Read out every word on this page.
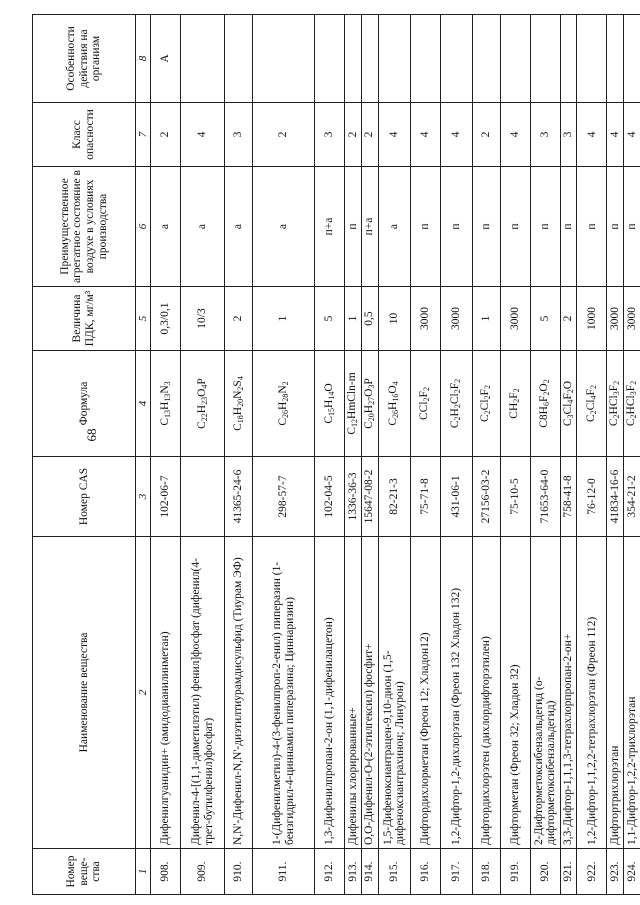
68
Номер веще-ства	Наименование вещества	Номер CAS	Формула	Величина ПДК, мг/м³	Преимущественное агрегатное состояние в воздухе в условиях производства	Класс опасности	Особенности действия на организм
1	2	3	4	5	6	7	8
908.	Дифенилгуанидин+ (амидодианилинметан)	102-06-7	$C_{13}H_{13}N_3$	0,3/0,1	а	2	А
909.	Дифенил-4-[(1,1-диметилэтил) фенил]фосфат (дифенил(4-трет-бутилфенил)фосфат)		$C_{22}H_{23}O_4P$	10/3	а	4	
910.	N,N'-Дифенил-N,N'-диэтилтиурамдисульфид (Тиурам ЭФ)	41365-24-6	$C_{18}H_{20}N_2S_4$	2	а	3	
911.	1-(Дифенилметил)-4-(3-фенилпроп-2-енил) пиперазин (1-бензгидрил-4-циннамил пиперазина; Циннаризин)	298-57-7	$C_{26}H_{28}N_2$	1	а	2	
912.	1,3-Дифенилпропан-2-он (1,1-дифенилацетон)	102-04-5	$C_{15}H_{14}O$	5	п+а	3	
913.	Дифенилы хлорированные+	1336-36-3	$C_{12}HmCln-m$	1	п	2	
914.	O,O-Дифенил-O-(2-этилгексил) фосфит+	15647-08-2	$C_{20}H_{27}O_3P$	0,5	п+а	2	
915.	1,5-Дифеноксиантрацен-9,10-дион (1,5-дифеноксиантрахинон; Линурон)	82-21-3	$C_{26}H_{16}O_4$	10	а	4	
916.	Дифтордихлорметан (Фреон 12; Хладон12)	75-71-8	$CCl_2F_2$	3000	п	4	
917.	1,2-Дифтор-1,2-дихлорэтан (Фреон 132 Хладон 132)	431-06-1	$C_2H_2Cl_2F_2$	3000	п	4	
918.	Дифтордихлорэтен (дихлордифторэтилен)	27156-03-2	$C_2Cl_2F_2$	1	п	2	
919.	Дифторметан (Фреон 32; Хладон 32)	75-10-5	$CH_2F_2$	3000	п	4	
920.	2-Дифторметоксибензальдегид (о-дифторметоксибензальдегид)	71653-64-0	$C8H_6F_2O_2$	5	п	3	
921.	3,3-Дифтор-1,1,1,3-тетрахлорпропан-2-он+	758-41-8	$C_3Cl_4F_2O$	2	п	3	
922.	1,2-Дифтор-1,1,2,2-тетрахлорэтан (Фреон 112)	76-12-0	$C_2Cl_4F_2$	1000	п	4	
923.	Дифтортрихлорэтан	41834-16-6	$C_2HCl_3F_2$	3000	п	4	
924.	1,1-Дифтор-1,2,2-трихлорэтан	354-21-2	$C_2HCl_3F_2$	3000	п	4	
